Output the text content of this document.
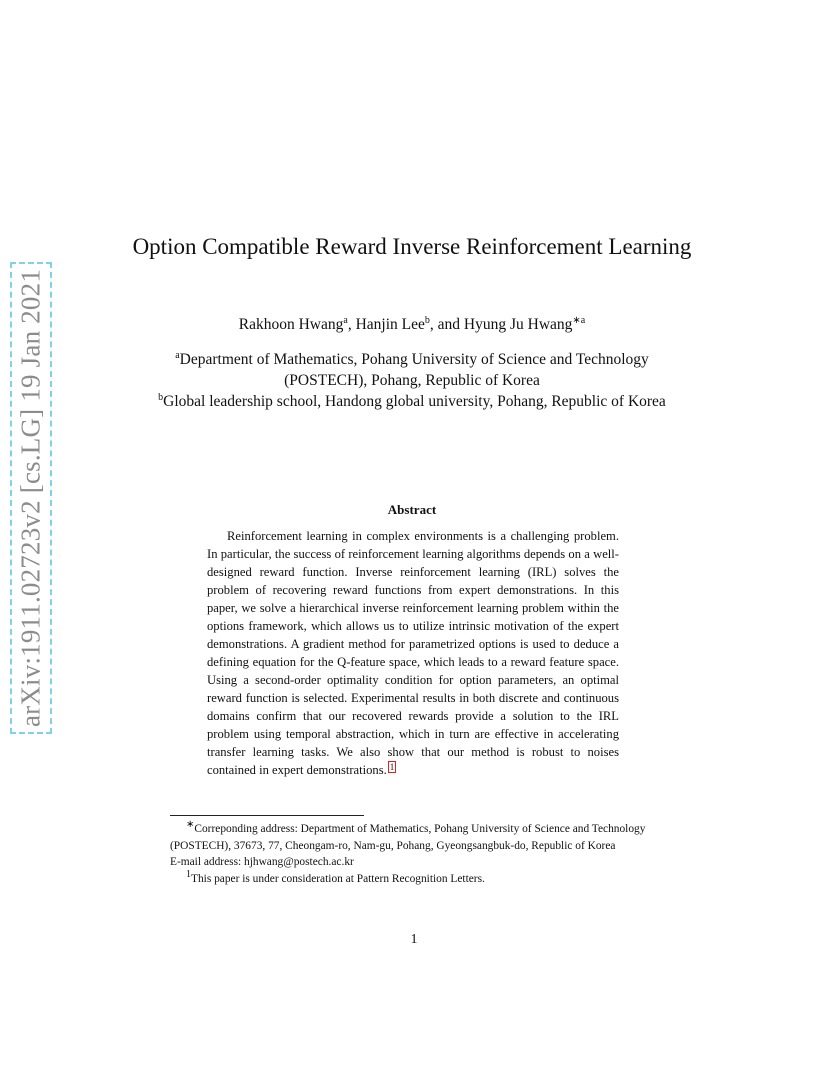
arXiv:1911.02723v2 [cs.LG] 19 Jan 2021
Option Compatible Reward Inverse Reinforcement Learning
Rakhoon Hwang$^a$, Hanjin Lee$^b$, and Hyung Ju Hwang$^{∗a}$
$^a$Department of Mathematics, Pohang University of Science and Technology (POSTECH), Pohang, Republic of Korea
$^b$Global leadership school, Handong global university, Pohang, Republic of Korea
Abstract
Reinforcement learning in complex environments is a challenging problem. In particular, the success of reinforcement learning algorithms depends on a well-designed reward function. Inverse reinforcement learning (IRL) solves the problem of recovering reward functions from expert demonstrations. In this paper, we solve a hierarchical inverse reinforcement learning problem within the options framework, which allows us to utilize intrinsic motivation of the expert demonstrations. A gradient method for parametrized options is used to deduce a defining equation for the Q-feature space, which leads to a reward feature space. Using a second-order optimality condition for option parameters, an optimal reward function is selected. Experimental results in both discrete and continuous domains confirm that our recovered rewards provide a solution to the IRL problem using temporal abstraction, which in turn are effective in accelerating transfer learning tasks. We also show that our method is robust to noises contained in expert demonstrations. 1
∗Correponding address: Department of Mathematics, Pohang University of Science and Technology (POSTECH), 37673, 77, Cheongam-ro, Nam-gu, Pohang, Gyeongsangbuk-do, Republic of Korea
E-mail address: hjhwang@postech.ac.kr
$^1$This paper is under consideration at Pattern Recognition Letters.
1
